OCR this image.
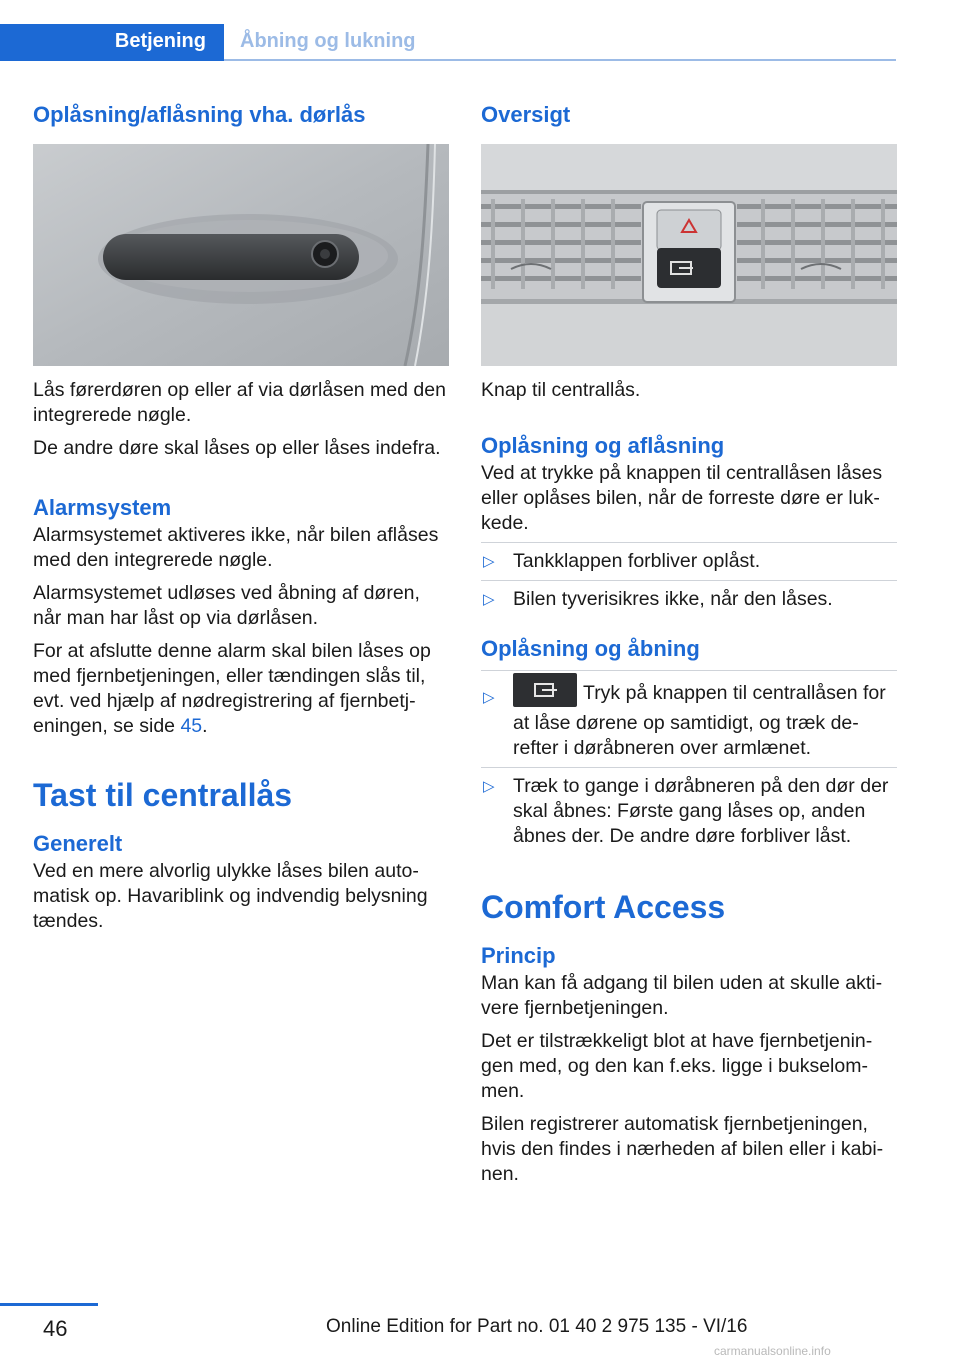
Betjening Åbning og lukning
Oplåsning/aflåsning vha. dørlås

Lås førerdøren op eller af via dørlåsen med den integrerede nøgle.

De andre døre skal låses op eller låses indefra.

Alarmsystem

Alarmsystemet aktiveres ikke, når bilen aflåses med den integrerede nøgle.

Alarmsystemet udløses ved åbning af døren, når man har låst op via dørlåsen.

For at afslutte denne alarm skal bilen låses op med fjernbetjeningen, eller tændingen slås til, evt. ved hjælp af nødregistrering af fjernbetj‐eningen, se side 45.

Tast til centrallås
Generelt

Ved en mere alvorlig ulykke låses bilen auto‐matisk op. Havariblink og indvendig belysning tændes.

Oversigt

Knap til centrallås.

Oplåsning og aflåsning

Ved at trykke på knappen til centrallåsen låses eller oplåses bilen, når de forreste døre er luk‐kede.

▷ Tankklappen forbliver oplåst.
▷ Bilen tyverisikres ikke, når den låses.
Oplåsning og åbning
▷	Tryk på knappen til centrallåsen for at låse dørene op samtidigt, og træk de‐refter i døråbneren over armlænet.
▷ Træk to gange i døråbneren på den dør der skal åbnes: Første gang låses op, anden åbnes der. De andre døre forbliver låst.
Comfort Access
Princip

Man kan få adgang til bilen uden at skulle akti‐vere fjernbetjeningen.

Det er tilstrækkeligt blot at have fjernbetjenin‐gen med, og den kan f.eks. ligge i bukselom‐men.

Bilen registrerer automatisk fjernbetjeningen, hvis den findes i nærheden af bilen eller i kabi‐nen.

46	Online Edition for Part no. 01 40 2 975 135 - VI/16
carmanualsonline.info
